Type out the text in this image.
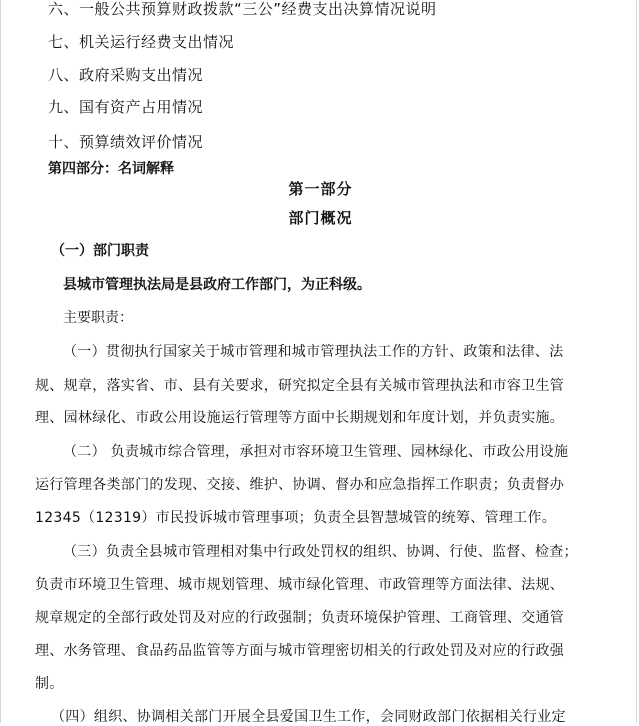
六、一般公共预算财政拨款“三公”经费支出决算情况说明
七、机关运行经费支出情况
八、政府采购支出情况
九、国有资产占用情况
十、预算绩效评价情况
第四部分：名词解释
第一部分
部门概况
（一）部门职责
县城市管理执法局是县政府工作部门，为正科级。
主要职责：
（一）贯彻执行国家关于城市管理和城市管理执法工作的方针、政策和法律、法
规、规章，落实省、市、县有关要求，研究拟定全县有关城市管理执法和市容卫生管
理、园林绿化、市政公用设施运行管理等方面中长期规划和年度计划，并负责实施。
（二） 负责城市综合管理，承担对市容环境卫生管理、园林绿化、市政公用设施
运行管理各类部门的发现、交接、维护、协调、督办和应急指挥工作职责；负责督办
12345（12319）市民投诉城市管理事项；负责全县智慧城管的统筹、管理工作。
（三）负责全县城市管理相对集中行政处罚权的组织、协调、行使、监督、检查；
负责市环境卫生管理、城市规划管理、城市绿化管理、市政管理等方面法律、法规、
规章规定的全部行政处罚及对应的行政强制；负责环境保护管理、工商管理、交通管
理、水务管理、食品药品监管等方面与城市管理密切相关的行政处罚及对应的行政强
制。
（四）组织、协调相关部门开展全县爱国卫生工作，会同财政部门依据相关行业定
